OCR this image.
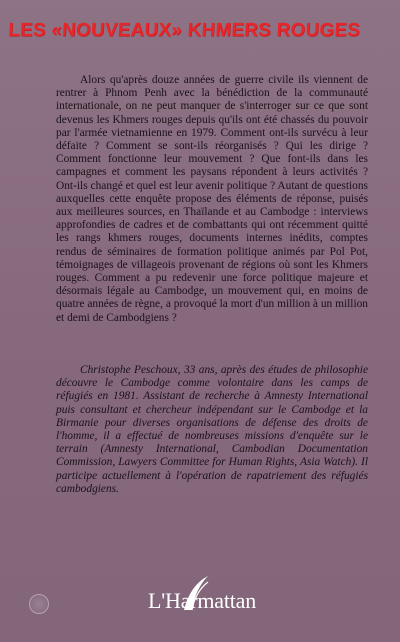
LES «NOUVEAUX» KHMERS ROUGES

Alors qu'après douze années de guerre civile ils viennent de rentrer à Phnom Penh avec la bénédiction de la communauté internationale, on ne peut manquer de s'interroger sur ce que sont devenus les Khmers rouges depuis qu'ils ont été chassés du pouvoir par l'armée vietnamienne en 1979. Comment ont-ils survécu à leur défaite ? Comment se sont-ils réorganisés ? Qui les dirige ? Comment fonctionne leur mouvement ? Que font-ils dans les campagnes et comment les paysans répondent à leurs activités ? Ont-ils changé et quel est leur avenir politique ? Autant de questions auxquelles cette enquête propose des éléments de réponse, puisés aux meilleures sources, en Thaïlande et au Cambodge : interviews approfondies de cadres et de combattants qui ont récemment quitté les rangs khmers rouges, documents internes inédits, comptes rendus de séminaires de formation politique animés par Pol Pot, témoignages de villageois provenant de régions où sont les Khmers rouges. Comment a pu redevenir une force politique majeure et désormais légale au Cambodge, un mouvement qui, en moins de quatre années de règne, a provoqué la mort d'un million à un million et demi de Cambodgiens ?

Christophe Peschoux, 33 ans, après des études de philosophie découvre le Cambodge comme volontaire dans les camps de réfugiés en 1981. Assistant de recherche à Amnesty International puis consultant et chercheur indépendant sur le Cambodge et la Birmanie pour diverses organisations de défense des droits de l'homme, il a effectué de nombreuses missions d'enquête sur le terrain (Amnesty International, Cambodian Documentation Commission, Lawyers Committee for Human Rights, Asia Watch). Il participe actuellement à l'opération de rapatriement des réfugiés cambodgiens.

L'Harmattan
